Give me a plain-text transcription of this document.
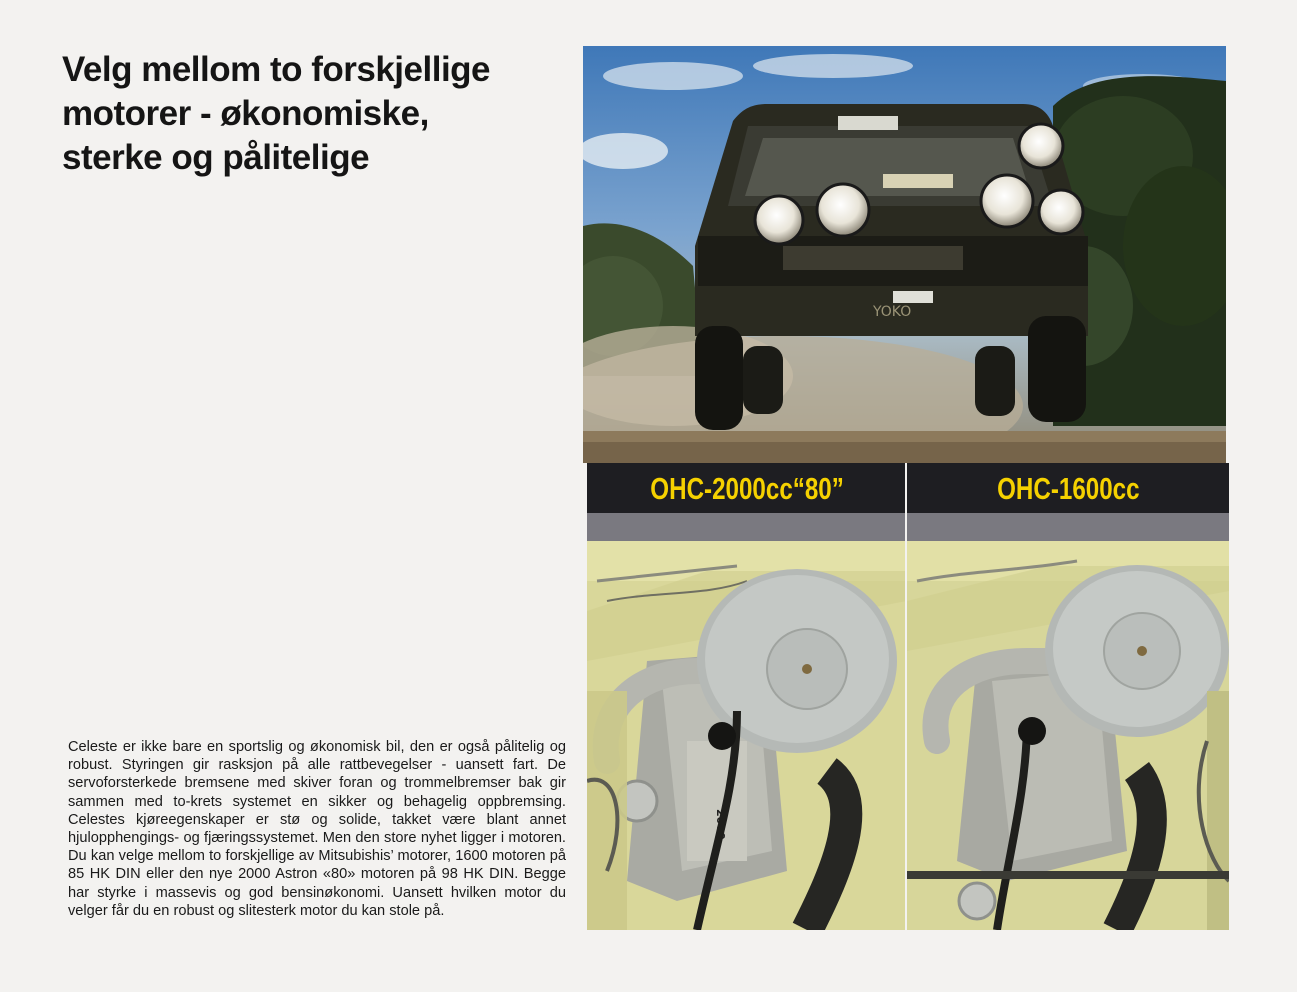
Velg mellom to forskjellige
motorer - økonomiske,
sterke og pålitelige

Celeste er ikke bare en sportslig og økonomisk bil, den er også pålitelig og robust. Styringen gir rasksjon på alle rattbevegelser - uansett fart. De servoforsterkede bremsene med skiver foran og trommelbremser bak gir sammen med to-krets systemet en sikker og behagelig oppbremsing. Celestes kjøreegenskaper er stø og solide, takket være blant annet hjulopphengings- og fjæringssystemet. Men den store nyhet ligger i motoren. Du kan velge mellom to forskjellige av Mitsubishis’ motorer, 1600 motoren på 85 HK DIN eller den nye 2000 Astron «80» motoren på 98 HK DIN. Begge har styrke i massevis og god bensinøkonomi. Uansett hvilken motor du velger får du en robust og slitesterk motor du kan stole på.

YOKO
OHC-2000cc“80”
2000
OHC-1600cc
